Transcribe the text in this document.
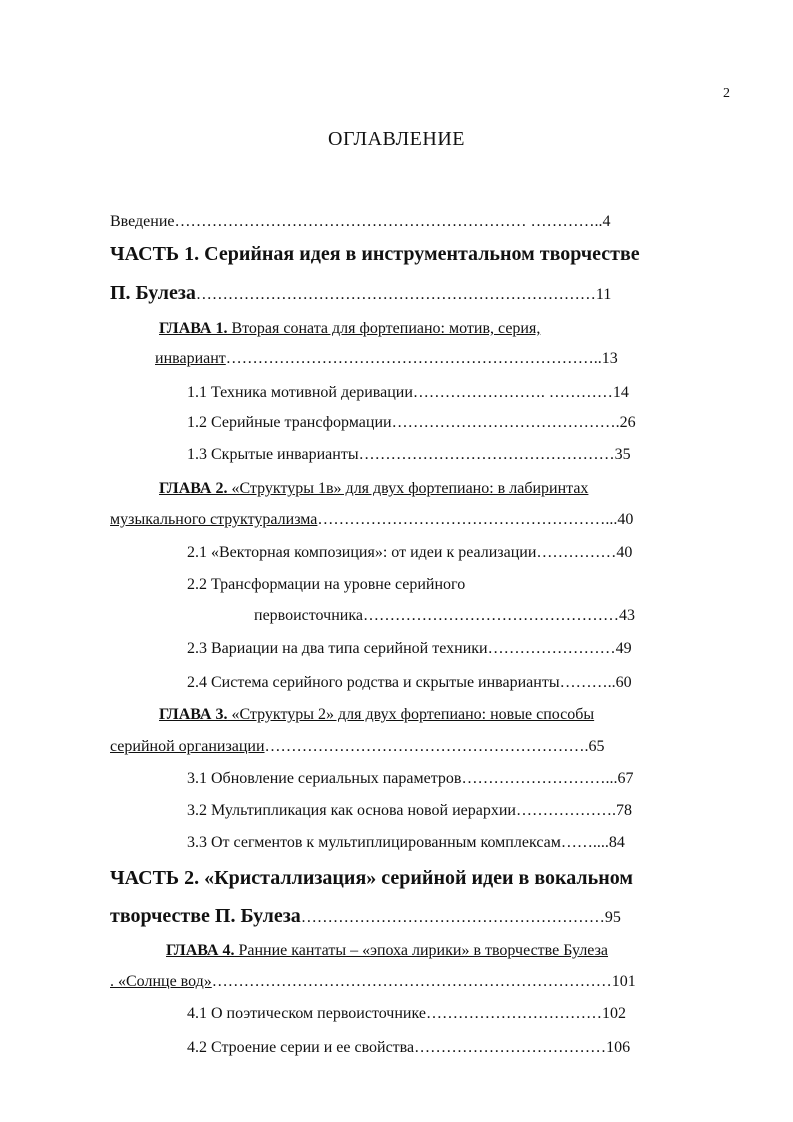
2
ОГЛАВЛЕНИЕ
Введение………………………………………………………… …………..4
ЧАСТЬ 1. Серийная идея в инструментальном творчестве
П. Булеза…………………………………………………………………11
ГЛАВА 1. Вторая соната для фортепиано: мотив, серия,
инвариант……………………………………………………………..13
1.1 Техника мотивной деривации……………………. …………14
1.2 Серийные трансформации…………………………………….26
1.3 Скрытые инварианты…………………………………………35
ГЛАВА 2. «Структуры 1в» для двух фортепиано: в лабиринтах
музыкального структурализма………………………………………………...40
2.1 «Векторная композиция»: от идеи к реализации……………40
2.2 Трансформации на уровне серийного
первоисточника…………………………………………43
2.3 Вариации на два типа серийной техники……………………49
2.4 Система серийного родства и скрытые инварианты………..60
ГЛАВА 3. «Структуры 2» для двух фортепиано: новые способы
серийной организации…………………………………………………….65
3.1 Обновление сериальных параметров………………………...67
3.2 Мультипликация как основа новой иерархии……………….78
3.3 От сегментов к мультиплицированным комплексам……....84
ЧАСТЬ 2. «Кристаллизация» серийной идеи в вокальном
творчестве П. Булеза…………………………………………………95
ГЛАВА 4. Ранние кантаты – «эпоха лирики» в творчестве Булеза
. «Солнце вод»…………………………………………………………………101
4.1 О поэтическом первоисточнике……………………………102
4.2 Строение серии и ее свойства………………………………106
